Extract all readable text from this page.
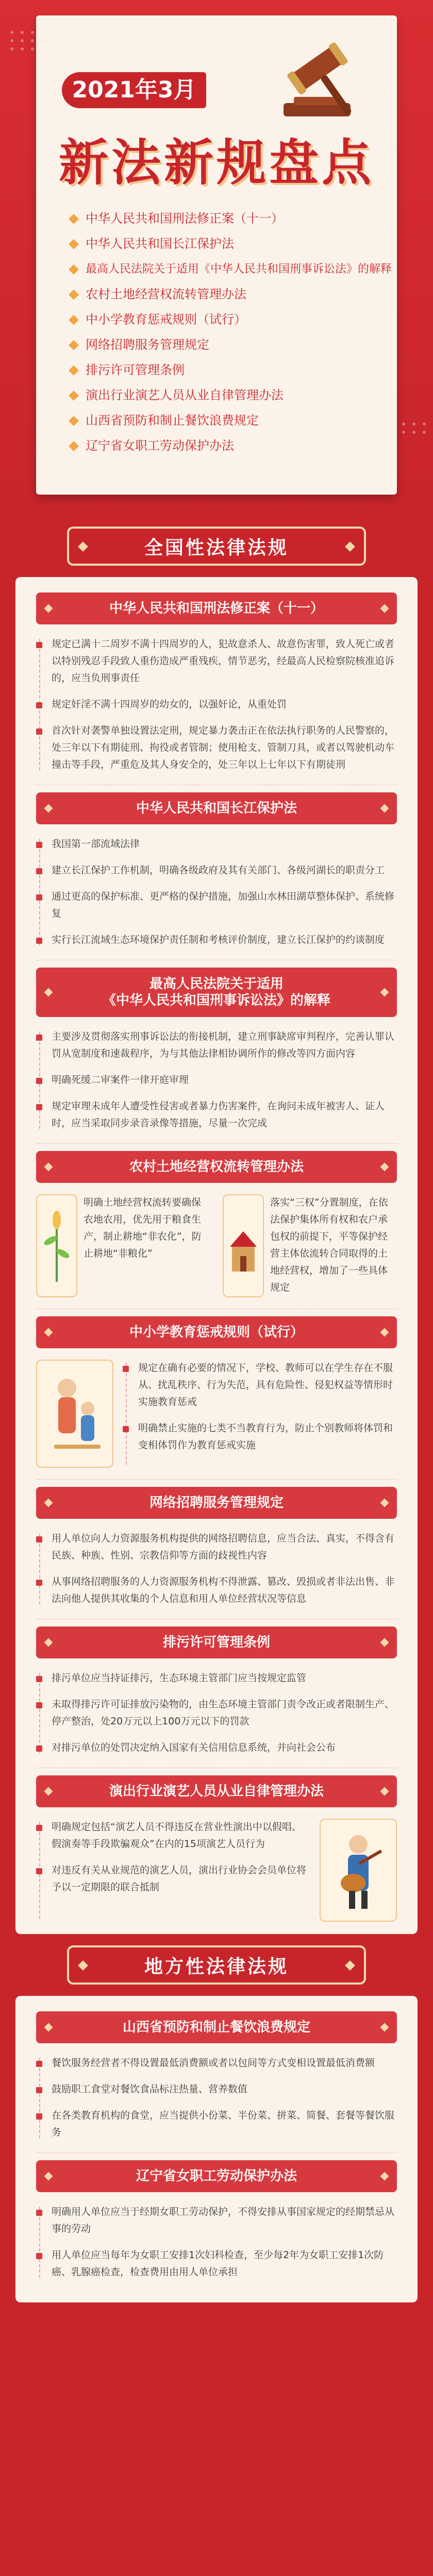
2021年3月
新法新规盘点
中华人民共和国刑法修正案（十一）
中华人民共和国长江保护法
最高人民法院关于适用《中华人民共和国刑事诉讼法》的解释
农村土地经营权流转管理办法
中小学教育惩戒规则（试行）
网络招聘服务管理规定
排污许可管理条例
演出行业演艺人员从业自律管理办法
山西省预防和制止餐饮浪费规定
辽宁省女职工劳动保护办法
全国性法律法规
中华人民共和国刑法修正案（十一）
规定已满十二周岁不满十四周岁的人，犯故意杀人、故意伤害罪，致人死亡或者以特别残忍手段致人重伤造成严重残疾，情节恶劣，经最高人民检察院核准追诉的，应当负刑事责任
规定奸淫不满十四周岁的幼女的，以强奸论，从重处罚
首次针对袭警单独设置法定刑，规定暴力袭击正在依法执行职务的人民警察的，处三年以下有期徒刑、拘役或者管制；使用枪支、管制刀具，或者以驾驶机动车撞击等手段，严重危及其人身安全的，处三年以上七年以下有期徒刑
中华人民共和国长江保护法
我国第一部流域法律
建立长江保护工作机制，明确各级政府及其有关部门、各级河湖长的职责分工
通过更高的保护标准、更严格的保护措施，加强山水林田湖草整体保护、系统修复
实行长江流域生态环境保护责任制和考核评价制度，建立长江保护的约谈制度
最高人民法院关于适用
《中华人民共和国刑事诉讼法》的解释
主要涉及贯彻落实刑事诉讼法的衔接机制，建立刑事缺席审判程序，完善认罪认罚从宽制度和速裁程序，为与其他法律相协调所作的修改等四方面内容
明确死缓二审案件一律开庭审理
规定审理未成年人遭受性侵害或者暴力伤害案件，在询问未成年被害人、证人时，应当采取同步录音录像等措施，尽量一次完成
农村土地经营权流转管理办法
明确土地经营权流转要确保农地农用，优先用于粮食生产，制止耕地“非农化”，防止耕地“非粮化”
落实“三权”分置制度，在依法保护集体所有权和农户承包权的前提下，平等保护经营主体依流转合同取得的土地经营权，增加了一些具体规定
中小学教育惩戒规则（试行）
规定在确有必要的情况下，学校、教师可以在学生存在不服从、扰乱秩序、行为失范，具有危险性、侵犯权益等情形时实施教育惩戒
明确禁止实施的七类不当教育行为，防止个别教师将体罚和变相体罚作为教育惩戒实施
网络招聘服务管理规定
用人单位向人力资源服务机构提供的网络招聘信息，应当合法、真实，不得含有民族、种族、性别、宗教信仰等方面的歧视性内容
从事网络招聘服务的人力资源服务机构不得泄露、篡改、毁损或者非法出售、非法向他人提供其收集的个人信息和用人单位经营状况等信息
排污许可管理条例
排污单位应当持证排污，生态环境主管部门应当按规定监管
未取得排污许可证排放污染物的，由生态环境主管部门责令改正或者限制生产、停产整治，处20万元以上100万元以下的罚款
对排污单位的处罚决定纳入国家有关信用信息系统，并向社会公布
演出行业演艺人员从业自律管理办法
明确规定包括“演艺人员不得违反在营业性演出中以假唱、假演奏等手段欺骗观众”在内的15项演艺人员行为
对违反有关从业规范的演艺人员，演出行业协会会员单位将予以一定期限的联合抵制
地方性法律法规
山西省预防和制止餐饮浪费规定
餐饮服务经营者不得设置最低消费额或者以包间等方式变相设置最低消费额
鼓励职工食堂对餐饮食品标注热量、营养数值
在各类教育机构的食堂，应当提供小份菜、半份菜、拼菜、简餐、套餐等餐饮服务
辽宁省女职工劳动保护办法
明确用人单位应当于经期女职工劳动保护，不得安排从事国家规定的经期禁忌从事的劳动
用人单位应当每年为女职工安排1次妇科检查，至少每2年为女职工安排1次防癌、乳腺癌检查，检查费用由用人单位承担
